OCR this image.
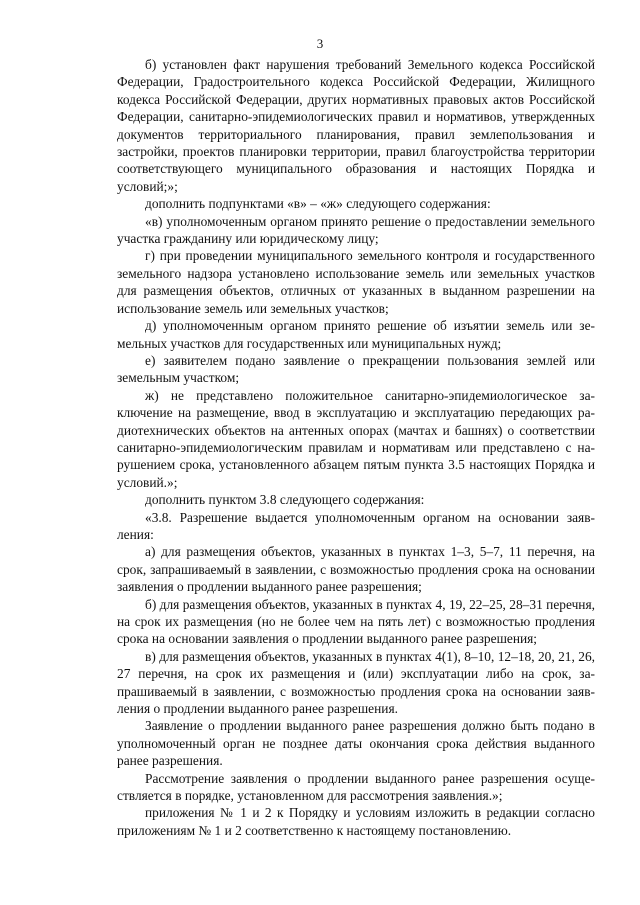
3

б) установлен факт нарушения требований Земельного кодекса Российской Федерации, Градостроительного кодекса Российской Федерации, Жилищного кодекса Российской Федерации, других нормативных правовых актов Российской Федерации, санитарно-эпидемиологических правил и нормативов, утвержденных документов территориального планирования, правил землепользования и застройки, проектов планировки территории, правил благоустройства территории соответствующего муниципального образования и настоящих Порядка и условий;»;

дополнить подпунктами «в» – «ж» следующего содержания:

«в) уполномоченным органом принято решение о предоставлении земельного участка гражданину или юридическому лицу;

г) при проведении муниципального земельного контроля и государственного земельного надзора установлено использование земель или земельных участков для размещения объектов, отличных от указанных в выданном разрешении на использование земель или земельных участков;

д) уполномоченным органом принято решение об изъятии земель или земельных участков для государственных или муниципальных нужд;

е) заявителем подано заявление о прекращении пользования землей или земельным участком;

ж) не представлено положительное санитарно-эпидемиологическое заключение на размещение, ввод в эксплуатацию и эксплуатацию передающих радиотехнических объектов на антенных опорах (мачтах и башнях) о соответствии санитарно-эпидемиологическим правилам и нормативам или представлено с нарушением срока, установленного абзацем пятым пункта 3.5 настоящих Порядка и условий.»;

дополнить пунктом 3.8 следующего содержания:

«3.8. Разрешение выдается уполномоченным органом на основании заявления:

а) для размещения объектов, указанных в пунктах 1–3, 5–7, 11 перечня, на срок, запрашиваемый в заявлении, с возможностью продления срока на основании заявления о продлении выданного ранее разрешения;

б) для размещения объектов, указанных в пунктах 4, 19, 22–25, 28–31 перечня, на срок их размещения (но не более чем на пять лет) с возможностью продления срока на основании заявления о продлении выданного ранее разрешения;

в) для размещения объектов, указанных в пунктах 4(1), 8–10, 12–18, 20, 21, 26, 27 перечня, на срок их размещения и (или) эксплуатации либо на срок, запрашиваемый в заявлении, с возможностью продления срока на основании заявления о продлении выданного ранее разрешения.

Заявление о продлении выданного ранее разрешения должно быть подано в уполномоченный орган не позднее даты окончания срока действия выданного ранее разрешения.

Рассмотрение заявления о продлении выданного ранее разрешения осуществляется в порядке, установленном для рассмотрения заявления.»;

приложения № 1 и 2 к Порядку и условиям изложить в редакции согласно приложениям № 1 и 2 соответственно к настоящему постановлению.
